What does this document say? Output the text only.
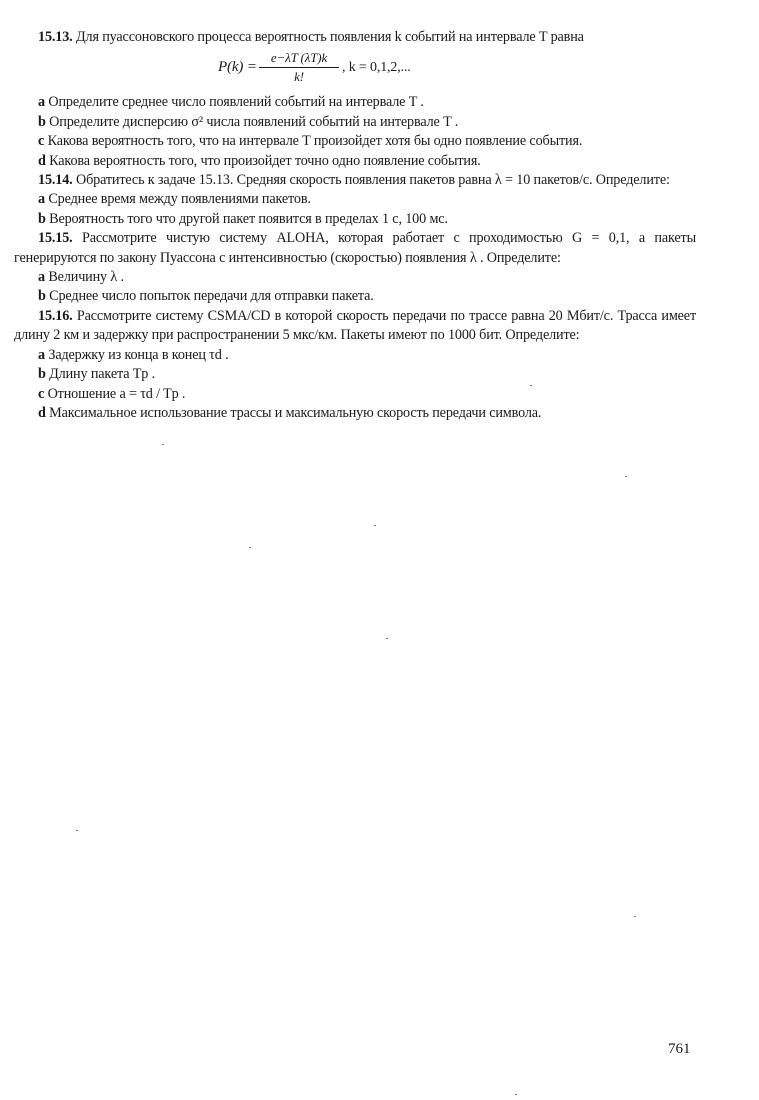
15.13. Для пуассоновского процесса вероятность появления k событий на интервале T равна

P(k) =
e−λT (λT)k
k!
, k = 0,1,2,...

a Определите среднее число появлений событий на интервале T .

b Определите дисперсию σ² числа появлений событий на интервале T .

c Какова вероятность того, что на интервале T произойдет хотя бы одно появление события.

d Какова вероятность того, что произойдет точно одно появление события.

15.14. Обратитесь к задаче 15.13. Средняя скорость появления пакетов равна λ = 10 пакетов/с. Определите:

a Среднее время между появлениями пакетов.

b Вероятность того что другой пакет появится в пределах 1 с, 100 мс.

15.15. Рассмотрите чистую систему ALOHA, которая работает с проходимостью G = 0,1, а пакеты генерируются по закону Пуассона с интенсивностью (скоростью) появления λ . Определите:

a Величину λ .

b Среднее число попыток передачи для отправки пакета.

15.16. Рассмотрите систему CSMA/CD в которой скорость передачи по трассе равна 20 Мбит/с. Трасса имеет длину 2 км и задержку при распространении 5 мкс/км. Пакеты имеют по 1000 бит. Определите:

a Задержку из конца в конец τd .

b Длину пакета Tp .

c Отношение a = τd / Tp .

d Максимальное использование трассы и максимальную скорость передачи символа.

761
